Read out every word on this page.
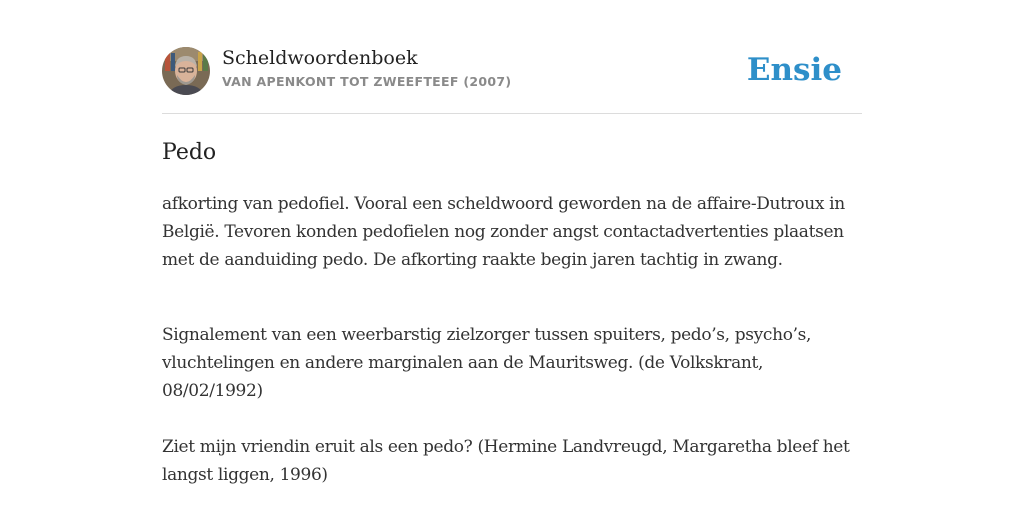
Scheldwoordenboek
VAN APENKONT TOT ZWEEFTEEF (2007)	Ensie
Pedo

afkorting van pedofiel. Vooral een scheldwoord geworden na de affaire-Dutroux in België. Tevoren konden pedofielen nog zonder angst contactadvertenties plaatsen met de aanduiding pedo. De afkorting raakte begin jaren tachtig in zwang.

Signalement van een weerbarstig zielzorger tussen spuiters, pedo’s, psycho’s, vluchtelingen en andere marginalen aan de Mauritsweg. (de Volkskrant, 08/02/1992)

Ziet mijn vriendin eruit als een pedo? (Hermine Landvreugd, Margaretha bleef het langst liggen, 1996)
